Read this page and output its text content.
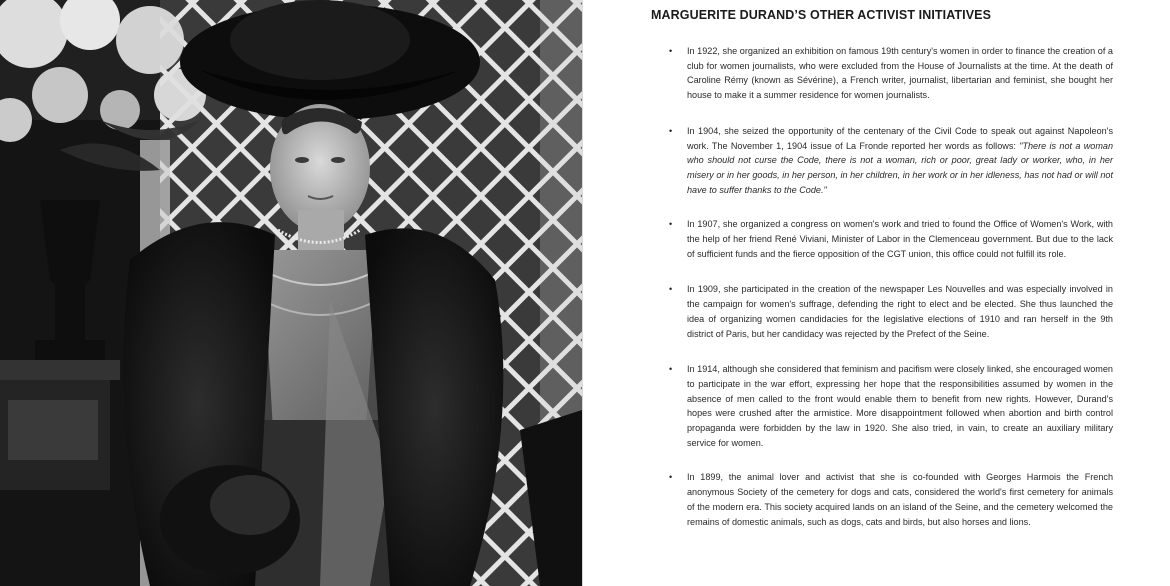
MARGUERITE DURAND’S OTHER ACTIVIST INITIATIVES
• In 1922, she organized an exhibition on famous 19th century's women in order to finance the creation of a club for women journalists, who were excluded from the House of Journalists at the time. At the death of Caroline Rémy (known as Sévérine), a French writer, journalist, libertarian and feminist, she bought her house to make it a summer residence for women journalists.
• In 1904, she seized the opportunity of the centenary of the Civil Code to speak out against Napoleon's work. The November 1, 1904 issue of La Fronde reported her words as follows: "There is not a woman who should not curse the Code, there is not a woman, rich or poor, great lady or worker, who, in her misery or in her goods, in her person, in her children, in her work or in her idleness, has not had or will not have to suffer thanks to the Code."
• In 1907, she organized a congress on women's work and tried to found the Office of Women's Work, with the help of her friend René Viviani, Minister of Labor in the Clemenceau government. But due to the lack of sufficient funds and the fierce opposition of the CGT union, this office could not fulfill its role.
• In 1909, she participated in the creation of the newspaper Les Nouvelles and was especially involved in the campaign for women's suffrage, defending the right to elect and be elected. She thus launched the idea of organizing women candidacies for the legislative elections of 1910 and ran herself in the 9th district of Paris, but her candidacy was rejected by the Prefect of the Seine.
• In 1914, although she considered that feminism and pacifism were closely linked, she encouraged women to participate in the war effort, expressing her hope that the responsibilities assumed by women in the absence of men called to the front would enable them to benefit from new rights. However, Durand's hopes were crushed after the armistice. More disappointment followed when abortion and birth control propaganda were forbidden by the law in 1920. She also tried, in vain, to create an auxiliary military service for women.
• In 1899, the animal lover and activist that she is co-founded with Georges Harmois the French anonymous Society of the cemetery for dogs and cats, considered the world's first cemetery for animals of the modern era. This society acquired lands on an island of the Seine, and the cemetery welcomed the remains of domestic animals, such as dogs, cats and birds, but also horses and lions.
